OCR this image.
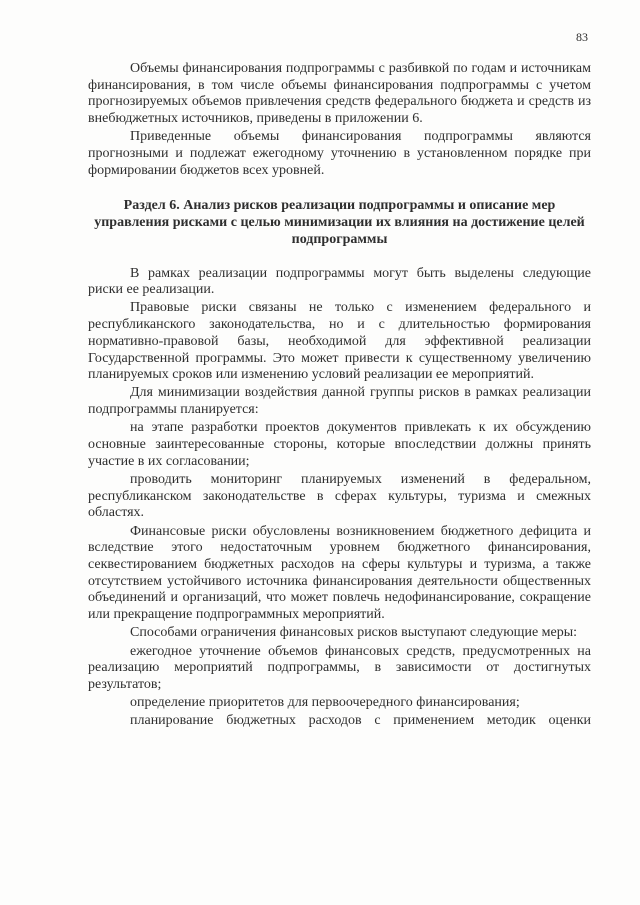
83

Объемы финансирования подпрограммы с разбивкой по годам и источникам финансирования, в том числе объемы финансирования подпрограммы с учетом прогнозируемых объемов привлечения средств федерального бюджета и средств из внебюджетных источников, приведены в приложении 6.

Приведенные объемы финансирования подпрограммы являются прогнозными и подлежат ежегодному уточнению в установленном порядке при формировании бюджетов всех уровней.

Раздел 6. Анализ рисков реализации подпрограммы и описание мер управления рисками с целью минимизации их влияния на достижение целей подпрограммы

В рамках реализации подпрограммы могут быть выделены следующие риски ее реализации.

Правовые риски связаны не только с изменением федерального и республиканского законодательства, но и с длительностью формирования нормативно-правовой базы, необходимой для эффективной реализации Государственной программы. Это может привести к существенному увеличению планируемых сроков или изменению условий реализации ее мероприятий.

Для минимизации воздействия данной группы рисков в рамках реализации подпрограммы планируется:

на этапе разработки проектов документов привлекать к их обсуждению основные заинтересованные стороны, которые впоследствии должны принять участие в их согласовании;

проводить мониторинг планируемых изменений в федеральном, республиканском законодательстве в сферах культуры, туризма и смежных областях.

Финансовые риски обусловлены возникновением бюджетного дефицита и вследствие этого недостаточным уровнем бюджетного финансирования, секвестированием бюджетных расходов на сферы культуры и туризма, а также отсутствием устойчивого источника финансирования деятельности общественных объединений и организаций, что может повлечь недофинансирование, сокращение или прекращение подпрограммных мероприятий.

Способами ограничения финансовых рисков выступают следующие меры:

ежегодное уточнение объемов финансовых средств, предусмотренных на реализацию мероприятий подпрограммы, в зависимости от достигнутых результатов;

определение приоритетов для первоочередного финансирования;

планирование бюджетных расходов с применением методик оценки
